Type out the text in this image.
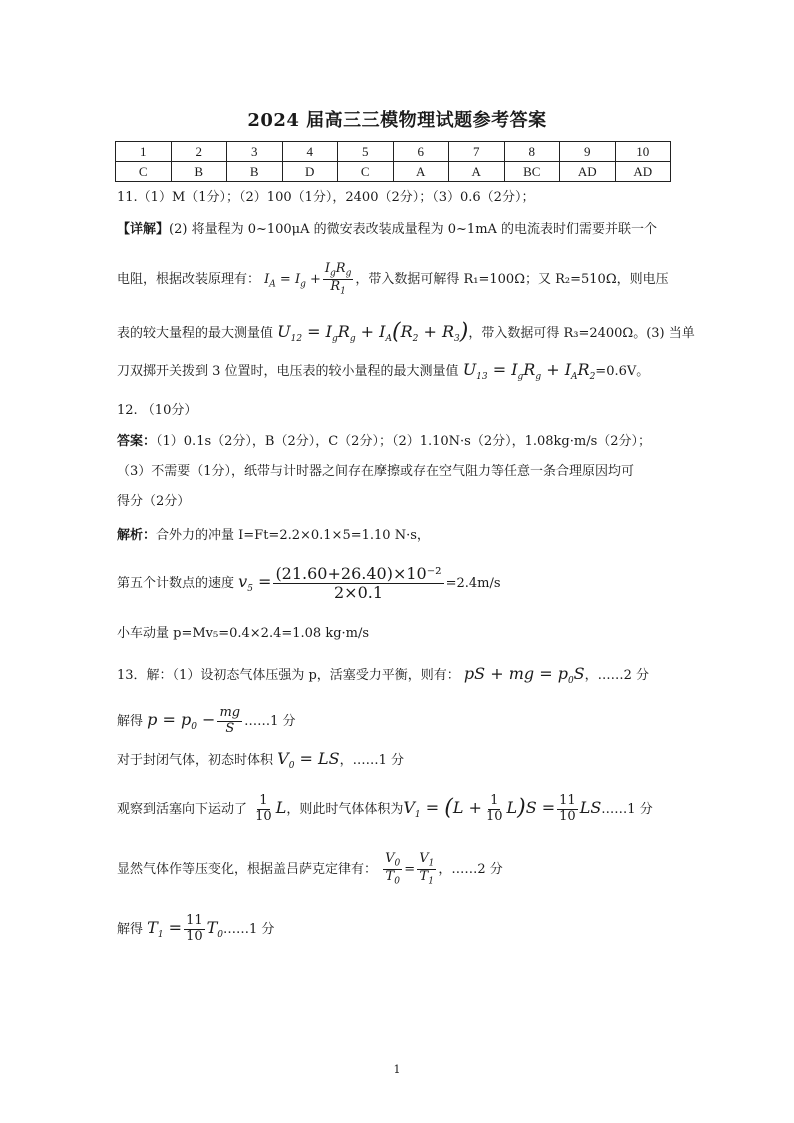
2024 届高三三模物理试题参考答案
1	2	3	4	5	6	7	8	9	10
C	B	B	D	C	A	A	BC	AD	AD
11.（1）M（1分）；（2）100（1分），2400（2分）；（3）0.6（2分）；
【详解】(2) 将量程为 0~100μA 的微安表改装成量程为 0~1mA 的电流表时们需要并联一个
电阻，根据改装原理有： $I_A = I_g + \frac{I_gR_g}{R_1}$ ，带入数据可解得 R₁=100Ω；又 R₂=510Ω，则电压
表的较大量程的最大测量值 $U_{12} = I_gR_g + I_A(R_2 + R_3)$，带入数据可得 R₃=2400Ω。(3) 当单
刀双掷开关拨到 3 位置时，电压表的较小量程的最大测量值 $U_{13} = I_gR_g + I_AR_2=0.6V$。
12. （10分）
答案：（1）0.1s（2分），B（2分），C（2分）；（2）1.10N·s（2分），1.08kg·m/s（2分）；
（3）不需要（1分），纸带与计时器之间存在摩擦或存在空气阻力等任意一条合理原因均可
得分（2分）
解析：合外力的冲量 I=Ft=2.2×0.1×5=1.10 N·s，
第五个计数点的速度 $v_5 = \frac{\text{(21.60+26.40)×10⁻²}}{2\times 0.1} =2.4m/s$
小车动量 p=Mv₅=0.4×2.4=1.08 kg·m/s
13．解：（1）设初态气体压强为 p，活塞受力平衡，则有： pS + mg = $p_0S$，……2 分
解得 $p = p_0 - \frac{mg}{S}$ ……1 分
对于封闭气体，初态时体积 $V_0$ = LS，……1 分
观察到活塞向下运动了 $\frac{1}{10}$ L，则此时气体体积为$V_1 = (L + \frac{1}{10} L)S = \frac{11}{10}$ LS……1 分
显然气体作等压变化，根据盖吕萨克定律有： $\frac{V_0}{T_0} = \frac{V_1}{T_1}$ ，……2 分
解得 $T_1 = \frac{11}{10}$ $T_0\dots\dots 1$ 分
1
